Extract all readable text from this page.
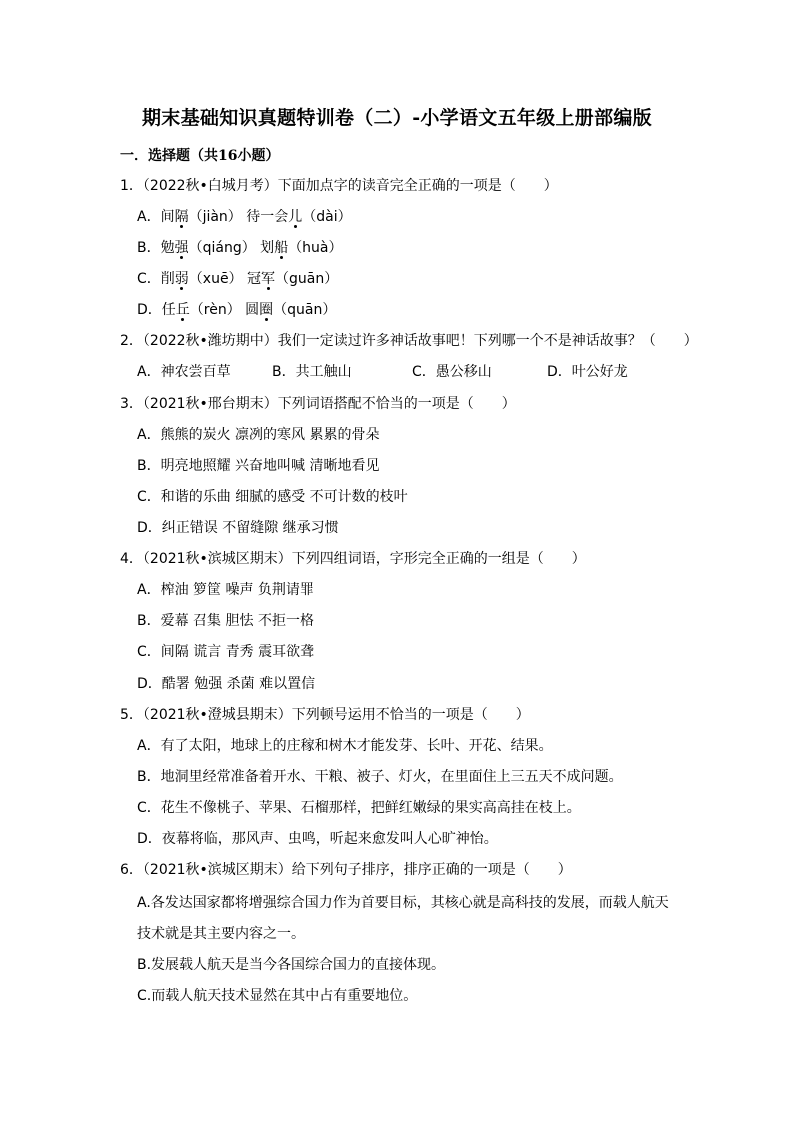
期末基础知识真题特训卷（二）-小学语文五年级上册部编版
一．选择题（共16小题）
1．（2022秋•白城月考）下面加点字的读音完全正确的一项是（　　）
A．间隔（jiàn） 待一会儿（dài）
B．勉强（qiáng） 划船（huà）
C．削弱（xuē） 冠军（guān）
D．任丘（rèn） 圆圈（quān）
2．（2022秋•潍坊期中）我们一定读过许多神话故事吧！下列哪一个不是神话故事？（　　）
A．神农尝百草	B．共工触山	C．愚公移山	D．叶公好龙
3．（2021秋•邢台期末）下列词语搭配不恰当的一项是（　　）
A．熊熊的炭火 凛冽的寒风 累累的骨朵
B．明亮地照耀 兴奋地叫喊 清晰地看见
C．和谐的乐曲 细腻的感受 不可计数的枝叶
D．纠正错误 不留缝隙 继承习惯
4．（2021秋•滨城区期末）下列四组词语，字形完全正确的一组是（　　）
A．榨油 箩筐 噪声 负荆请罪
B．爱幕 召集 胆怯 不拒一格
C．间隔 谎言 青秀 震耳欲聋
D．酷署 勉强 杀菌 难以置信
5．（2021秋•澄城县期末）下列顿号运用不恰当的一项是（　　）
A．有了太阳，地球上的庄稼和树木才能发芽、长叶、开花、结果。
B．地洞里经常准备着开水、干粮、被子、灯火，在里面住上三五天不成问题。
C．花生不像桃子、苹果、石榴那样，把鲜红嫩绿的果实高高挂在枝上。
D．夜幕将临，那风声、虫鸣，听起来愈发叫人心旷神怡。
6．（2021秋•滨城区期末）给下列句子排序，排序正确的一项是（　　）
A.各发达国家都将增强综合国力作为首要目标，其核心就是高科技的发展，而载人航天
技术就是其主要内容之一。
B.发展载人航天是当今各国综合国力的直接体现。
C.而载人航天技术显然在其中占有重要地位。
